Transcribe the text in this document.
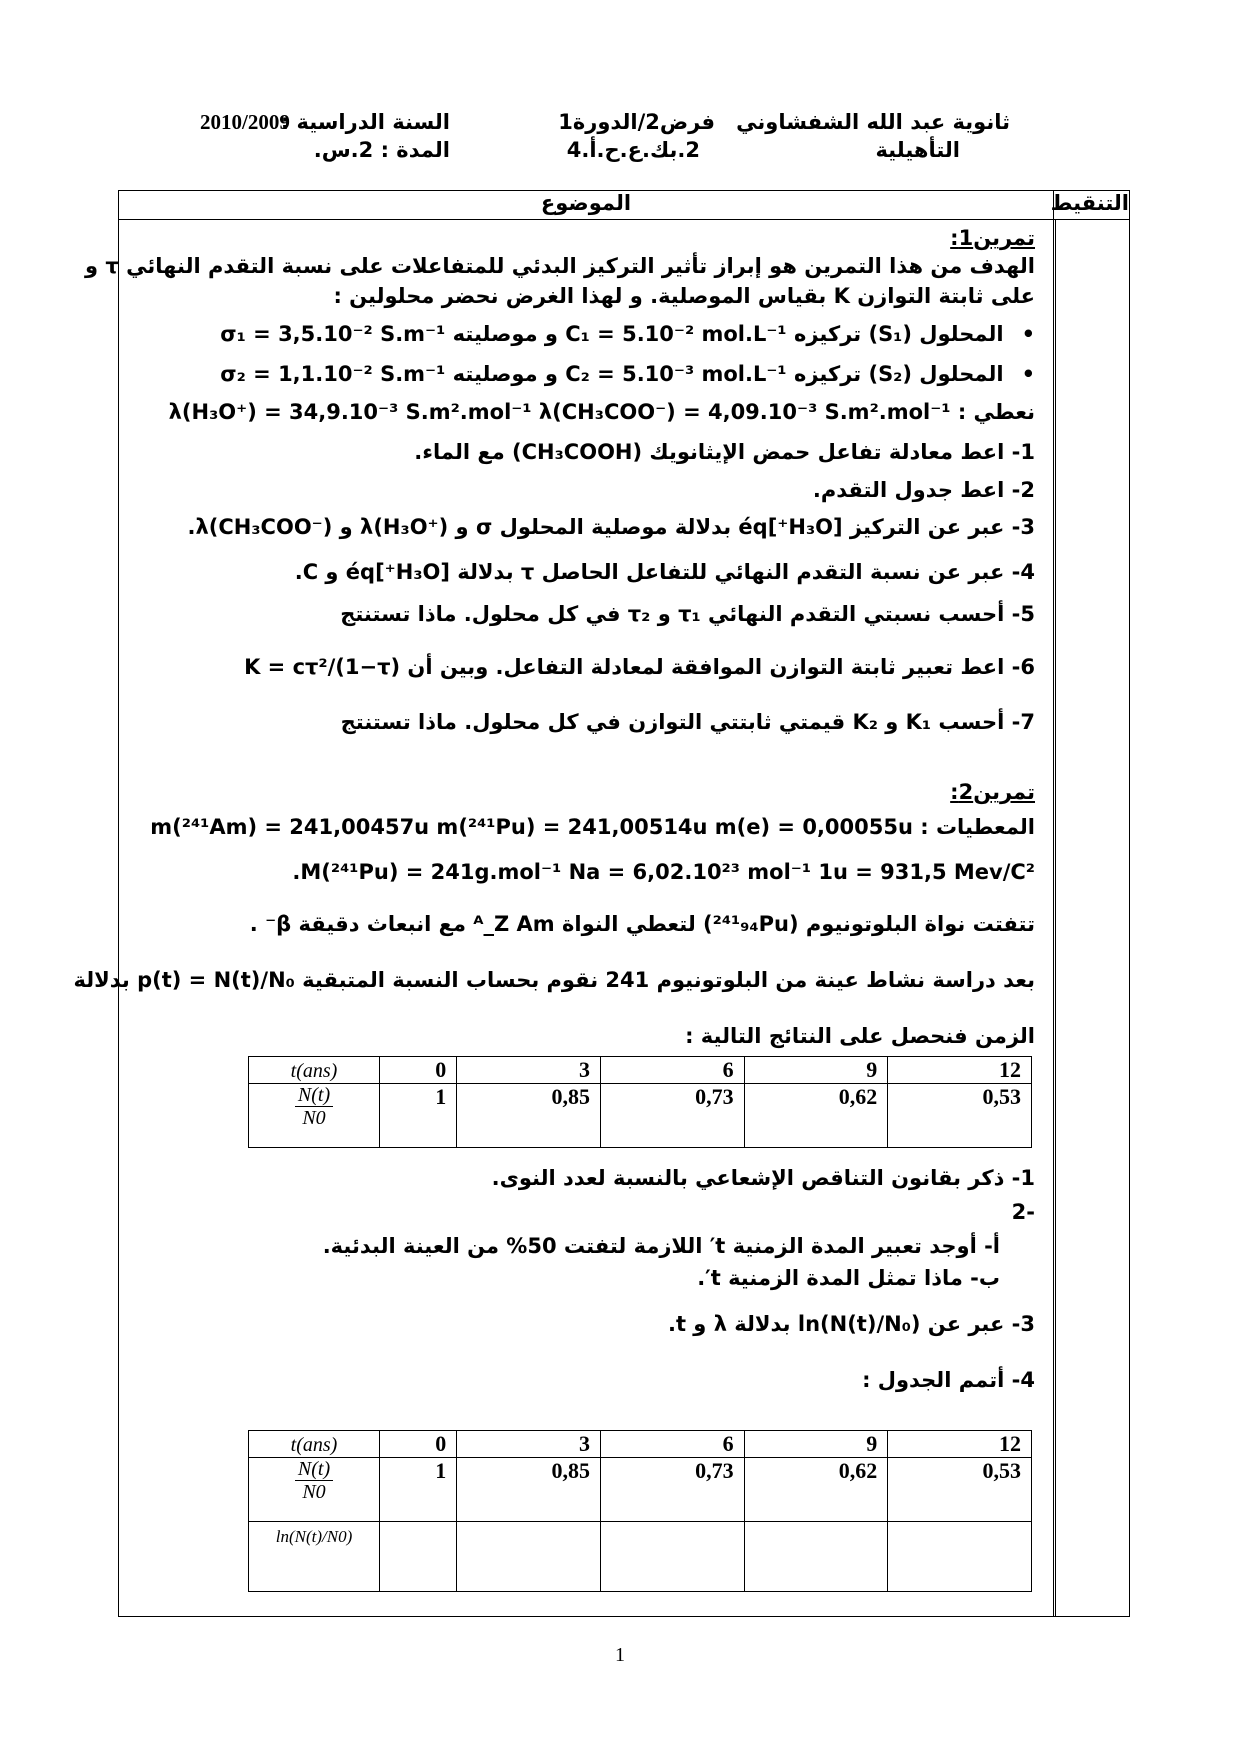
ثانوية عبد الله الشفشاوني
التأهيلية
فرض2/الدورة1
2.بك.ع.ح.أ.4
السنة الدراسية :
2010/2009
المدة : 2.س.
التنقيط
الموضوع
تمرين1:
الهدف من هذا التمرين هو إبراز تأثير التركيز البدئي للمتفاعلات على نسبة التقدم النهائي τ و
على ثابتة التوازن K بقياس الموصلية. و لهذا الغرض نحضر محلولين :
•المحلول (S₁) تركيزه C₁ = 5.10⁻² mol.L⁻¹ و موصليته σ₁ = 3,5.10⁻² S.m⁻¹
•المحلول (S₂) تركيزه C₂ = 5.10⁻³ mol.L⁻¹ و موصليته σ₂ = 1,1.10⁻² S.m⁻¹
نعطي : λ(H₃O⁺) = 34,9.10⁻³ S.m².mol⁻¹ λ(CH₃COO⁻) = 4,09.10⁻³ S.m².mol⁻¹
1- اعط معادلة تفاعل حمض الإيثانويك (CH₃COOH) مع الماء.
2- اعط جدول التقدم.
3- عبر عن التركيز [H₃O⁺]éq بدلالة موصلية المحلول σ و λ(H₃O⁺) و λ(CH₃COO⁻).
4- عبر عن نسبة التقدم النهائي للتفاعل الحاصل τ بدلالة [H₃O⁺]éq و C.
5- أحسب نسبتي التقدم النهائي τ₁ و τ₂ في كل محلول. ماذا تستنتج
6- اعط تعبير ثابتة التوازن الموافقة لمعادلة التفاعل. وبين أن K = cτ²/(1−τ)
7- أحسب K₁ و K₂ قيمتي ثابتتي التوازن في كل محلول. ماذا تستنتج
تمرين2:
المعطيات : m(²⁴¹Am) = 241,00457u m(²⁴¹Pu) = 241,00514u m(e) = 0,00055u
M(²⁴¹Pu) = 241g.mol⁻¹ Na = 6,02.10²³ mol⁻¹ 1u = 931,5 Mev/C².
تتفتت نواة البلوتونيوم (²⁴¹₉₄Pu) لتعطي النواة ᴬ_Z Am مع انبعاث دقيقة β⁻ .
بعد دراسة نشاط عينة من البلوتونيوم 241 نقوم بحساب النسبة المتبقية p(t) = N(t)/N₀ بدلالة
الزمن فنحصل على النتائج التالية :
t(ans)	0	3	6	9	12

$\frac{N(t)}{N0}$	1	0,85	0,73	0,62	0,53
1- ذكر بقانون التناقص الإشعاعي بالنسبة لعدد النوى.
-2
أ- أوجد تعبير المدة الزمنية t′ اللازمة لتفتت 50% من العينة البدئية.
ب- ماذا تمثل المدة الزمنية t′.
3- عبر عن ln(N(t)/N₀) بدلالة λ و t.
4- أتمم الجدول :
t(ans)	0	3	6	9	12

$\frac{N(t)}{N0}$	1	0,85	0,73	0,62	0,53
ln(N(t)/N0)					
1
